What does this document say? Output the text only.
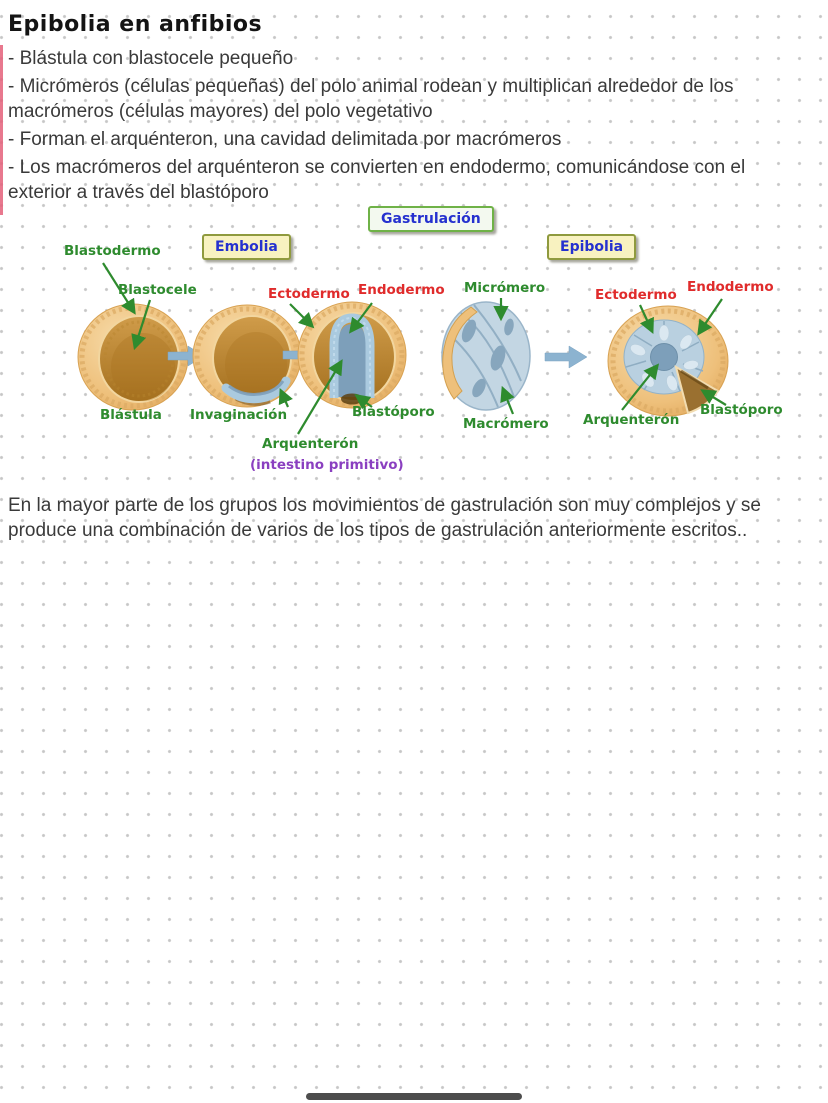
Epibolia en anfibios

- Blástula con blastocele pequeño

- Micrómeros (células pequeñas) del polo animal rodean y multiplican alrededor de los macrómeros (células mayores) del polo vegetativo

- Forman el arquénteron, una cavidad delimitada por macrómeros

- Los macrómeros del arquénteron se convierten en endodermo, comunicándose con el exterior a través del blastóporo

Gastrulación
Embolia	Epibolia
Blastodermo
Blastocele
Blástula Invaginación
Ectodermo Endodermo
Blastóporo
Arquenterón
(intestino primitivo)
Micrómero
Macrómero	Arquenterón
Ectodermo Endodermo
Blastóporo
En la mayor parte de los grupos los movimientos de gastrulación son muy complejos y se produce una combinación de varios de los tipos de gastrulación anteriormente escritos..
